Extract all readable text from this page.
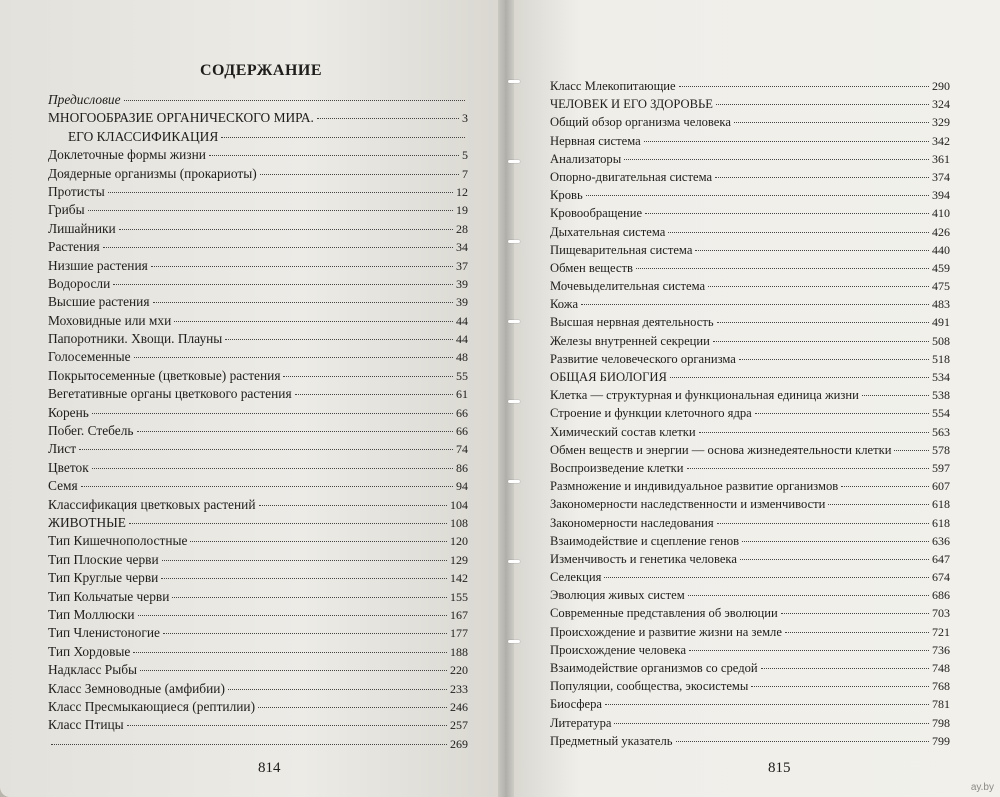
СОДЕРЖАНИЕ
Предисловие
МНОГООБРАЗИЕ ОРГАНИЧЕСКОГО МИРА.	3
ЕГО КЛАССИФИКАЦИЯ
Доклеточные формы жизни	5
Доядерные организмы (прокариоты)	7
Протисты	12
Грибы	19
Лишайники	28
Растения	34
Низшие растения	37
Водоросли	39
Высшие растения	39
Моховидные или мхи	44
Папоротники. Хвощи. Плауны	44
Голосеменные	48
Покрытосеменные (цветковые) растения	55
Вегетативные органы цветкового растения	61
Корень	66
Побег. Стебель	66
Лист	74
Цветок	86
Семя	94
Классификация цветковых растений	104
ЖИВОТНЫЕ	108
Тип Кишечнополостные	120
Тип Плоские черви	129
Тип Круглые черви	142
Тип Кольчатые черви	155
Тип Моллюски	167
Тип Членистоногие	177
Тип Хордовые	188
Надкласс Рыбы	220
Класс Земноводные (амфибии)	233
Класс Пресмыкающиеся (рептилии)	246
Класс Птицы	257
269
814
Класс Млекопитающие	290
ЧЕЛОВЕК И ЕГО ЗДОРОВЬЕ	324
Общий обзор организма человека	329
Нервная система	342
Анализаторы	361
Опорно-двигательная система	374
Кровь	394
Кровообращение	410
Дыхательная система	426
Пищеварительная система	440
Обмен веществ	459
Мочевыделительная система	475
Кожа	483
Высшая нервная деятельность	491
Железы внутренней секреции	508
Развитие человеческого организма	518
ОБЩАЯ БИОЛОГИЯ	534
Клетка — структурная и функциональная единица жизни	538
Строение и функции клеточного ядра	554
Химический состав клетки	563
Обмен веществ и энергии — основа жизнедеятельности клетки	578
Воспроизведение клетки	597
Размножение и индивидуальное развитие организмов	607
Закономерности наследственности и изменчивости	618
Закономерности наследования	618
Взаимодействие и сцепление генов	636
Изменчивость и генетика человека	647
Селекция	674
Эволюция живых систем	686
Современные представления об эволюции	703
Происхождение и развитие жизни на земле	721
Происхождение человека	736
Взаимодействие организмов со средой	748
Популяции, сообщества, экосистемы	768
Биосфера	781
Литература	798
Предметный указатель	799
815
ay.by
